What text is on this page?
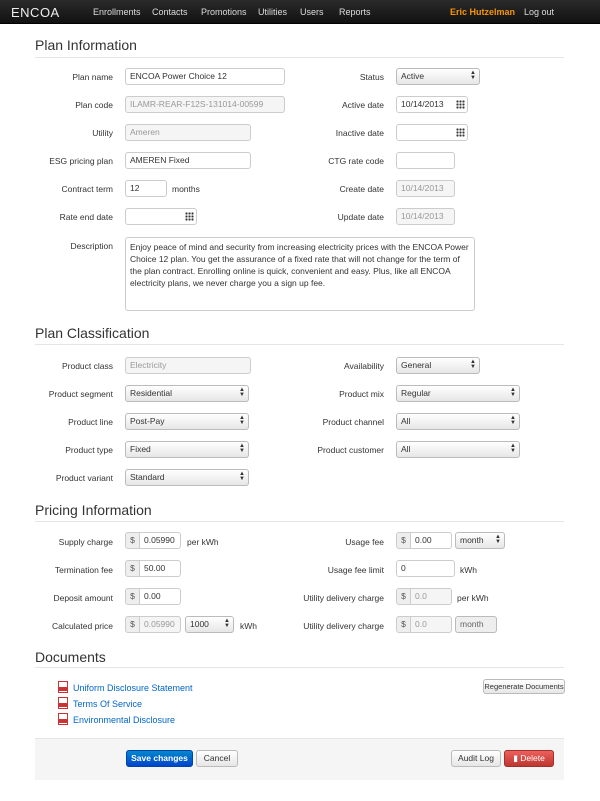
ENCOA	Enrollments Contacts Promotions Utilities Users Reports	Eric Hutzelman Log out
Plan Information
Plan name	ENCOA Power Choice 12
Plan code	ILAMR-REAR-F12S-131014-00599
Utility	Ameren
ESG pricing plan	AMEREN Fixed
Contract term	12	months
Rate end date
Description	Enjoy peace of mind and security from increasing electricity prices with the ENCOA Power Choice 12 plan. You get the assurance of a fixed rate that will not change for the term of the plan contract. Enrolling online is quick, convenient and easy. Plus, like all ENCOA electricity plans, we never charge you a sign up fee.
Status	Active	▲
▼
Active date	10/14/2013
Inactive date
CTG rate code
Create date	10/14/2013
Update date	10/14/2013
Plan Classification
Product class	Electricity
Product segment	Residential	▲
▼
Product line	Post-Pay	▲
▼
Product type	Fixed	▲
▼
Product variant	Standard	▲
▼
Availability	General	▲
▼
Product mix	Regular	▲
▼
Product channel	All	▲
▼
Product customer	All	▲
▼
Pricing Information
Supply charge	$	0.05990	per kWh
Termination fee	$	50.00
Deposit amount	$	0.00
Calculated price	$	0.05990	1000	▲
▼ kWh
Usage fee	$	0.00	month ▲
▼
Usage fee limit	0	kWh
Utility delivery charge	$	0.0	per kWh
Utility delivery charge	$	0.0	month
Documents
Uniform Disclosure Statement
Terms Of Service
Environmental Disclosure
Regenerate Documents
Save changes	Cancel	Audit Log	▮ Delete
